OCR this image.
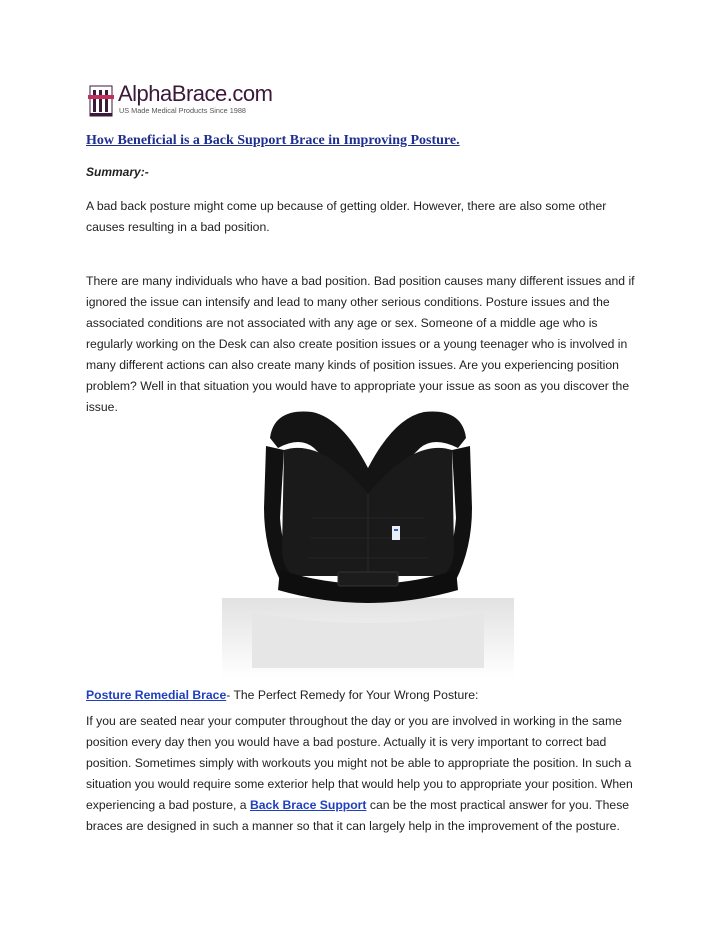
AlphaBrace.com
US Made Medical Products Since 1988
How Beneficial is a Back Support Brace in Improving Posture.
Summary:-

A bad back posture might come up because of getting older. However, there are also some other causes resulting in a bad position.

There are many individuals who have a bad position. Bad position causes many different issues and if ignored the issue can intensify and lead to many other serious conditions. Posture issues and the associated conditions are not associated with any age or sex. Someone of a middle age who is regularly working on the Desk can also create position issues or a young teenager who is involved in many different actions can also create many kinds of position issues. Are you experiencing position problem? Well in that situation you would have to appropriate your issue as soon as you discover the issue.

Posture Remedial Brace- The Perfect Remedy for Your Wrong Posture:

If you are seated near your computer throughout the day or you are involved in working in the same position every day then you would have a bad posture. Actually it is very important to correct bad position. Sometimes simply with workouts you might not be able to appropriate the position. In such a situation you would require some exterior help that would help you to appropriate your position. When experiencing a bad posture, a Back Brace Support can be the most practical answer for you. These braces are designed in such a manner so that it can largely help in the improvement of the posture.
